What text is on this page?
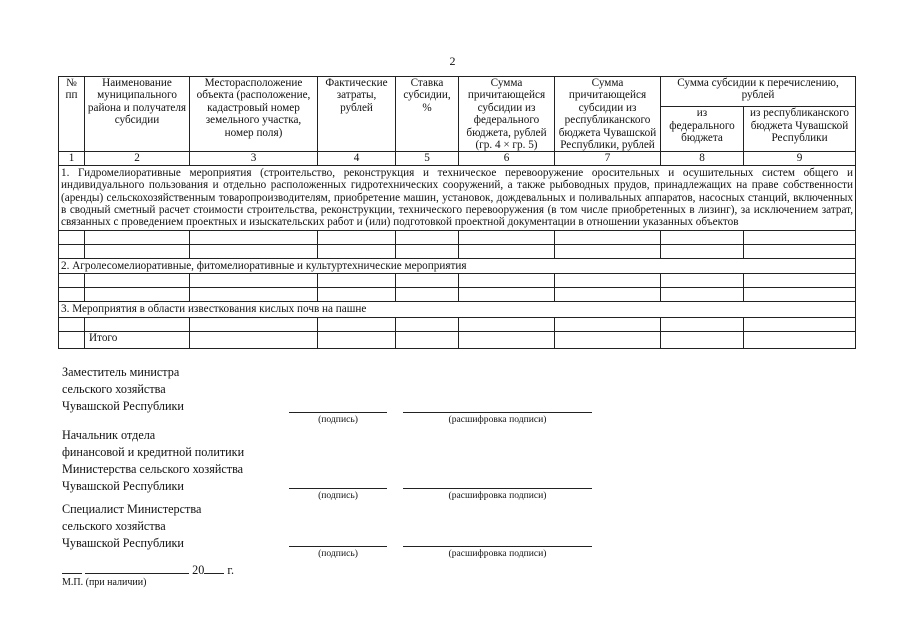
2
№ пп	Наименование муниципального района и получателя субсидии	Месторасположение объекта (расположение, кадастровый номер земельного участка, номер поля)	Фактические затраты, рублей	Ставка субсидии, %	Сумма причитающейся субсидии из федерального бюджета, рублей (гр. 4 × гр. 5)	Сумма причитающейся субсидии из республиканского бюджета Чувашской Республики, рублей	Сумма субсидии к перечислению, рублей	
							из федерального бюджета	из республиканского бюджета Чувашской Республики
1	2	3	4	5	6	7	8	9
1. Гидромелиоративные мероприятия (строительство, реконструкция и техническое перевооружение оросительных и осушительных систем общего и индивидуального пользования и отдельно расположенных гидротехнических сооружений, а также рыбоводных прудов, принадлежащих на праве собственности (аренды) сельскохозяйственным товаропроизводителям, приобретение машин, установок, дождевальных и поливальных аппаратов, насосных станций, включенных в сводный сметный расчет стоимости строительства, реконструкции, технического перевооружения (в том числе приобретенных в лизинг), за исключением затрат, связанных с проведением проектных и изыскательских работ и (или) подготовкой проектной документации в отношении указанных объектов								

2. Агролесомелиоративные, фитомелиоративные и культуртехнические мероприятия								

3. Мероприятия в области известкования кислых почв на пашне								

	Итого							
Заместитель министра
сельского хозяйства
Чувашской Республики
(подпись)	(расшифровка подписи)
Начальник отдела
финансовой и кредитной политики
Министерства сельского хозяйства
Чувашской Республики
(подпись)	(расшифровка подписи)
Специалист Министерства
сельского хозяйства
Чувашской Республики
(подпись)	(расшифровка подписи)
20 г.
М.П. (при наличии)
